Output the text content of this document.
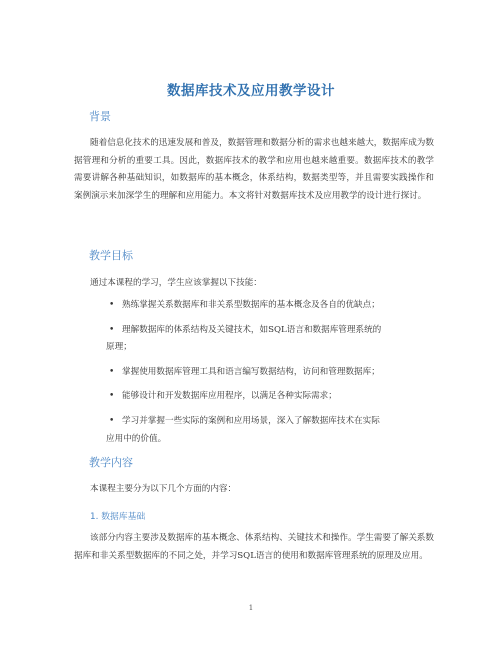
数据库技术及应用教学设计
背景
随着信息化技术的迅速发展和普及，数据管理和数据分析的需求也越来越大，数据库成为数据管理和分析的重要工具。因此，数据库技术的教学和应用也越来越重要。数据库技术的教学需要讲解各种基础知识，如数据库的基本概念，体系结构，数据类型等，并且需要实践操作和案例演示来加深学生的理解和应用能力。本文将针对数据库技术及应用教学的设计进行探讨。
教学目标
通过本课程的学习，学生应该掌握以下技能：
• 熟练掌握关系数据库和非关系型数据库的基本概念及各自的优缺点；
• 理解数据库的体系结构及关键技术，如SQL语言和数据库管理系统的
原理；
• 掌握使用数据库管理工具和语言编写数据结构，访问和管理数据库；
• 能够设计和开发数据库应用程序，以满足各种实际需求；
• 学习并掌握一些实际的案例和应用场景，深入了解数据库技术在实际
应用中的价值。
教学内容
本课程主要分为以下几个方面的内容：
1. 数据库基础
该部分内容主要涉及数据库的基本概念、体系结构、关键技术和操作。学生需要了解关系数据库和非关系型数据库的不同之处，并学习SQL语言的使用和数据库管理系统的原理及应用。
1
